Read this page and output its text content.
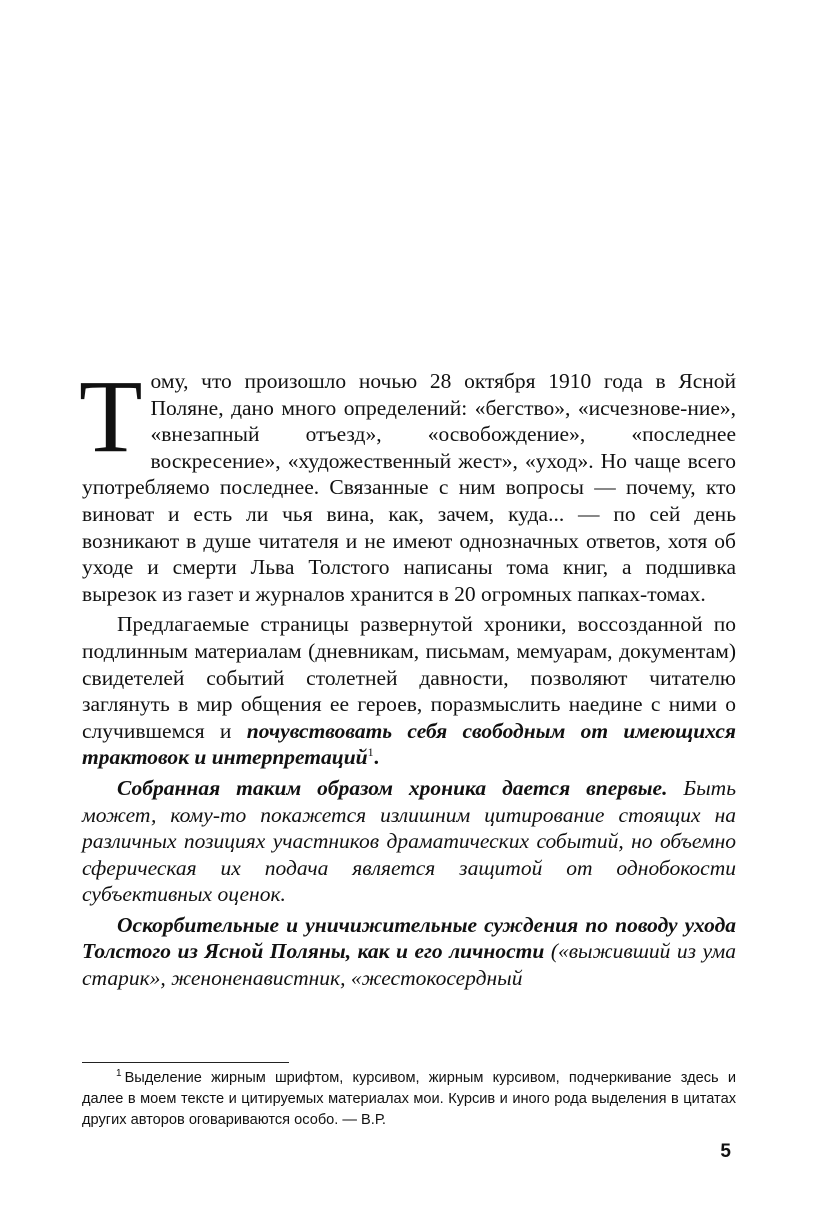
Тому, что произошло ночью 28 октября 1910 года в Ясной Поляне, дано много определений: «бегство», «исчезнове-ние», «внезапный отъезд», «освобождение», «последнее воскресение», «художественный жест», «уход». Но чаще всего употребляемо последнее. Связанные с ним вопросы — почему, кто виноват и есть ли чья вина, как, зачем, куда... — по сей день возникают в душе читателя и не имеют однозначных ответов, хотя об уходе и смерти Льва Толстого написаны тома книг, а подшивка вырезок из газет и журналов хранится в 20 огромных папках-томах.

Предлагаемые страницы развернутой хроники, воссозданной по подлинным материалам (дневникам, письмам, мемуарам, документам) свидетелей событий столетней давности, позволяют читателю заглянуть в мир общения ее героев, поразмыслить наедине с ними о случившемся и почувствовать себя свободным от имеющихся трактовок и интерпретаций$^1$.

Собранная таким образом хроника дается впервые. Быть может, кому-то покажется излишним цитирование стоящих на различных позициях участников драматических событий, но объемно сферическая их подача является защитой от однобокости субъективных оценок.

Оскорбительные и уничижительные суждения по поводу ухода Толстого из Ясной Поляны, как и его личности («выживший из ума старик», женоненавистник, «жестокосердный

$^1$ Выделение жирным шрифтом, курсивом, жирным курсивом, подчеркивание здесь и далее в моем тексте и цитируемых материалах мои. Курсив и иного рода выделения в цитатах других авторов оговариваются особо. — В.Р.

5
